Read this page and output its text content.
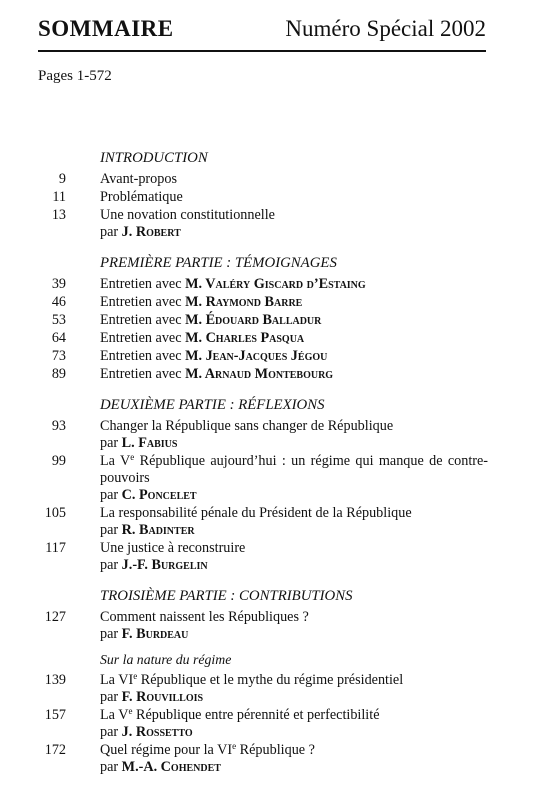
SOMMAIRE	Numéro Spécial 2002
Pages 1-572
INTRODUCTION
9	Avant-propos
11	Problématique
13	Une novation constitutionnelle
par J. Robert
PREMIÈRE PARTIE : TÉMOIGNAGES
39	Entretien avec M. Valéry Giscard d’Estaing
46	Entretien avec M. Raymond Barre
53	Entretien avec M. Édouard Balladur
64	Entretien avec M. Charles Pasqua
73	Entretien avec M. Jean-Jacques Jégou
89	Entretien avec M. Arnaud Montebourg
DEUXIÈME PARTIE : RÉFLEXIONS
93	Changer la République sans changer de République
par L. Fabius
99	La Ve République aujourd’hui : un régime qui manque de contre-pouvoirs
par C. Poncelet
105	La responsabilité pénale du Président de la République
par R. Badinter
117	Une justice à reconstruire
par J.-F. Burgelin
TROISIÈME PARTIE : CONTRIBUTIONS
127	Comment naissent les Républiques ?
par F. Burdeau
Sur la nature du régime
139	La VIe République et le mythe du régime présidentiel
par F. Rouvillois
157	La Ve République entre pérennité et perfectibilité
par J. Rossetto
172	Quel régime pour la VIe République ?
par M.-A. Cohendet
